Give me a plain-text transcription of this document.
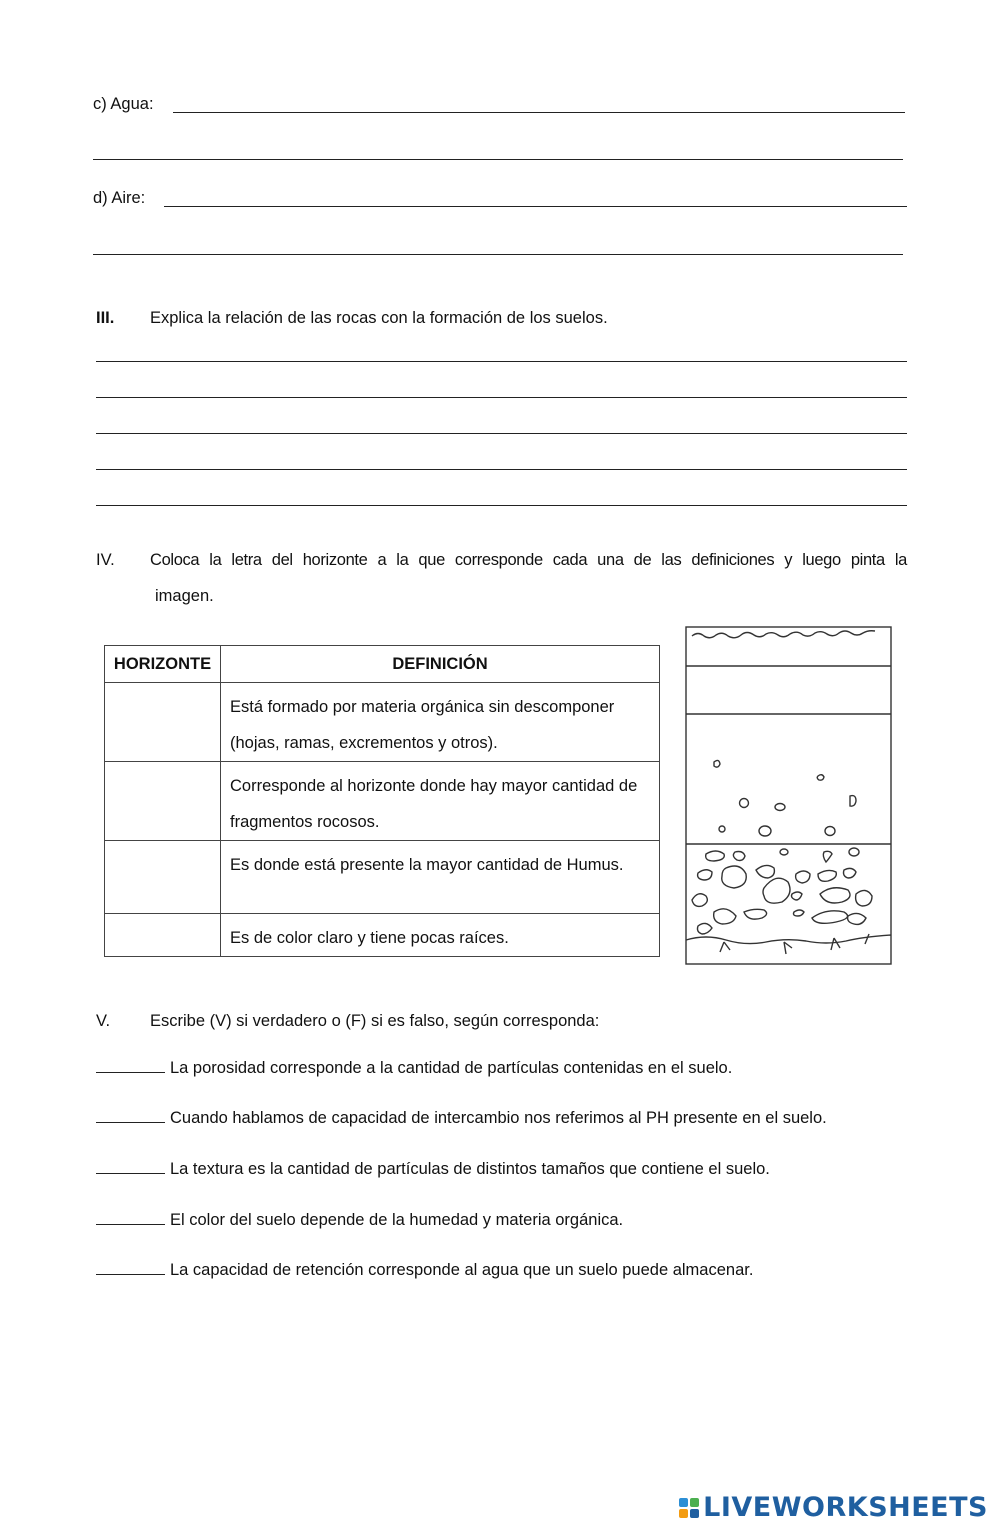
c) Agua:
d) Aire:
III. Explica la relación de las rocas con la formación de los suelos.
IV. Coloca la letra del horizonte a la que corresponde cada una de las definiciones y luego pinta la
imagen.
HORIZONTE	DEFINICIÓN
	Está formado por materia orgánica sin descomponer (hojas, ramas, excrementos y otros).
	Corresponde al horizonte donde hay mayor cantidad de fragmentos rocosos.
	Es donde está presente la mayor cantidad de Humus.
	Es de color claro y tiene pocas raíces.
V. Escribe (V) si verdadero o (F) si es falso, según corresponda:
La porosidad corresponde a la cantidad de partículas contenidas en el suelo.
Cuando hablamos de capacidad de intercambio nos referimos al PH presente en el suelo.
La textura es la cantidad de partículas de distintos tamaños que contiene el suelo.
El color del suelo depende de la humedad y materia orgánica.
La capacidad de retención corresponde al agua que un suelo puede almacenar.
LIVEWORKSHEETS
